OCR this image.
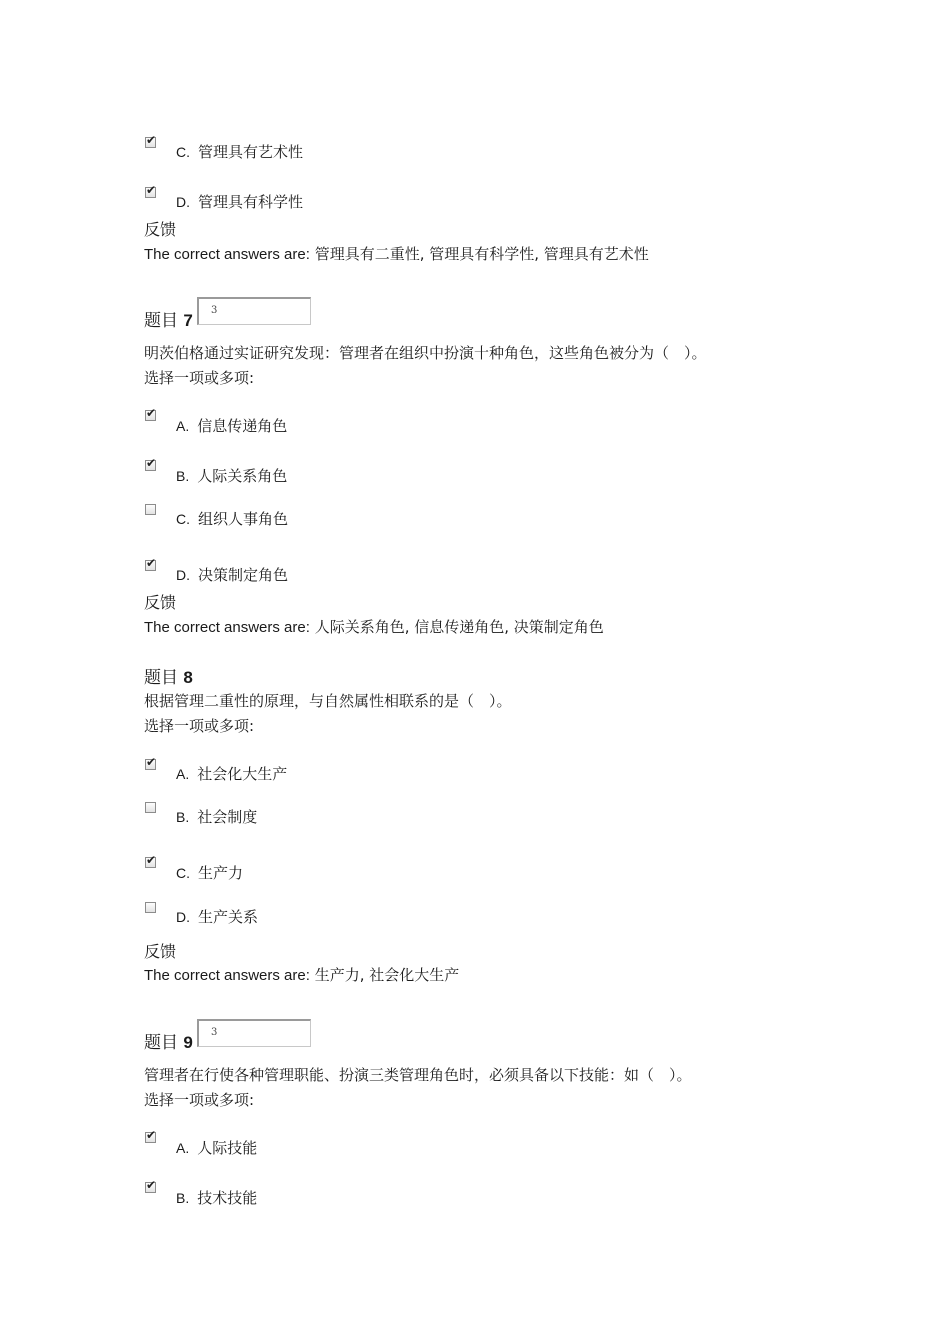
✔
C. 管理具有艺术性
✔
D. 管理具有科学性
反馈
The correct answers are: 管理具有二重性, 管理具有科学性, 管理具有艺术性
题目 7
3
明茨伯格通过实证研究发现：管理者在组织中扮演十种角色，这些角色被分为（　）。
选择一项或多项:
✔
A. 信息传递角色
✔
B. 人际关系角色
C. 组织人事角色
✔
D. 决策制定角色
反馈
The correct answers are: 人际关系角色, 信息传递角色, 决策制定角色
题目 8
根据管理二重性的原理，与自然属性相联系的是（　）。
选择一项或多项:
✔
A. 社会化大生产
B. 社会制度
✔
C. 生产力
D. 生产关系
反馈
The correct answers are: 生产力, 社会化大生产
题目 9
3
管理者在行使各种管理职能、扮演三类管理角色时，必须具备以下技能：如（　）。
选择一项或多项:
✔
A. 人际技能
✔
B. 技术技能
